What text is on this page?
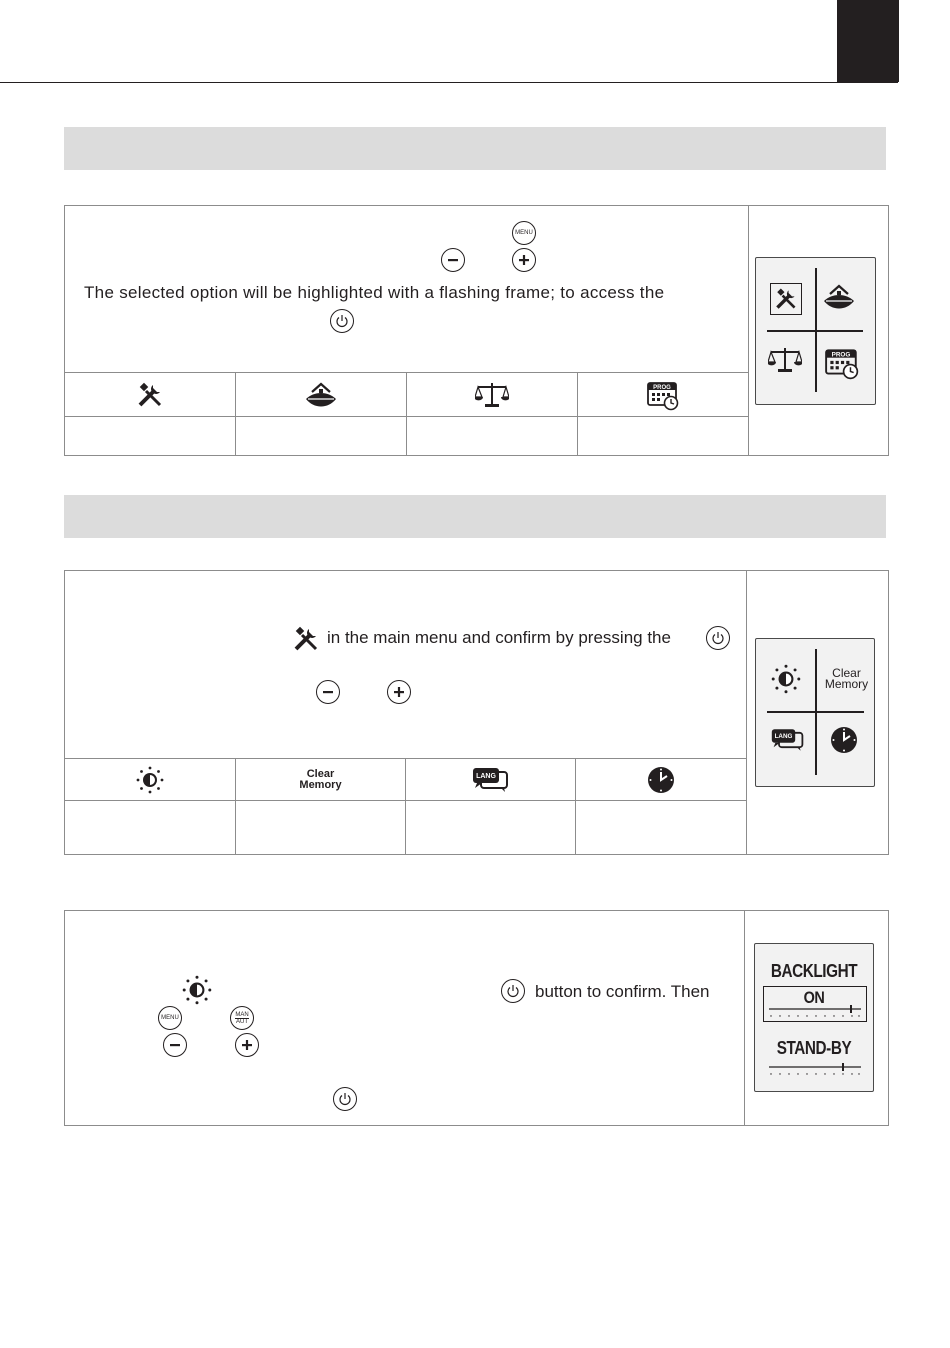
MENU
The selected option will be highlighted with a flashing frame; to access the
PROG
PROG
in the main menu and confirm by pressing the
Clear
Memory
LANG
Clear
Memory
LANG
button to confirm. Then
MENU
MAN
AUT
BACKLIGHT
ON
STAND-BY
